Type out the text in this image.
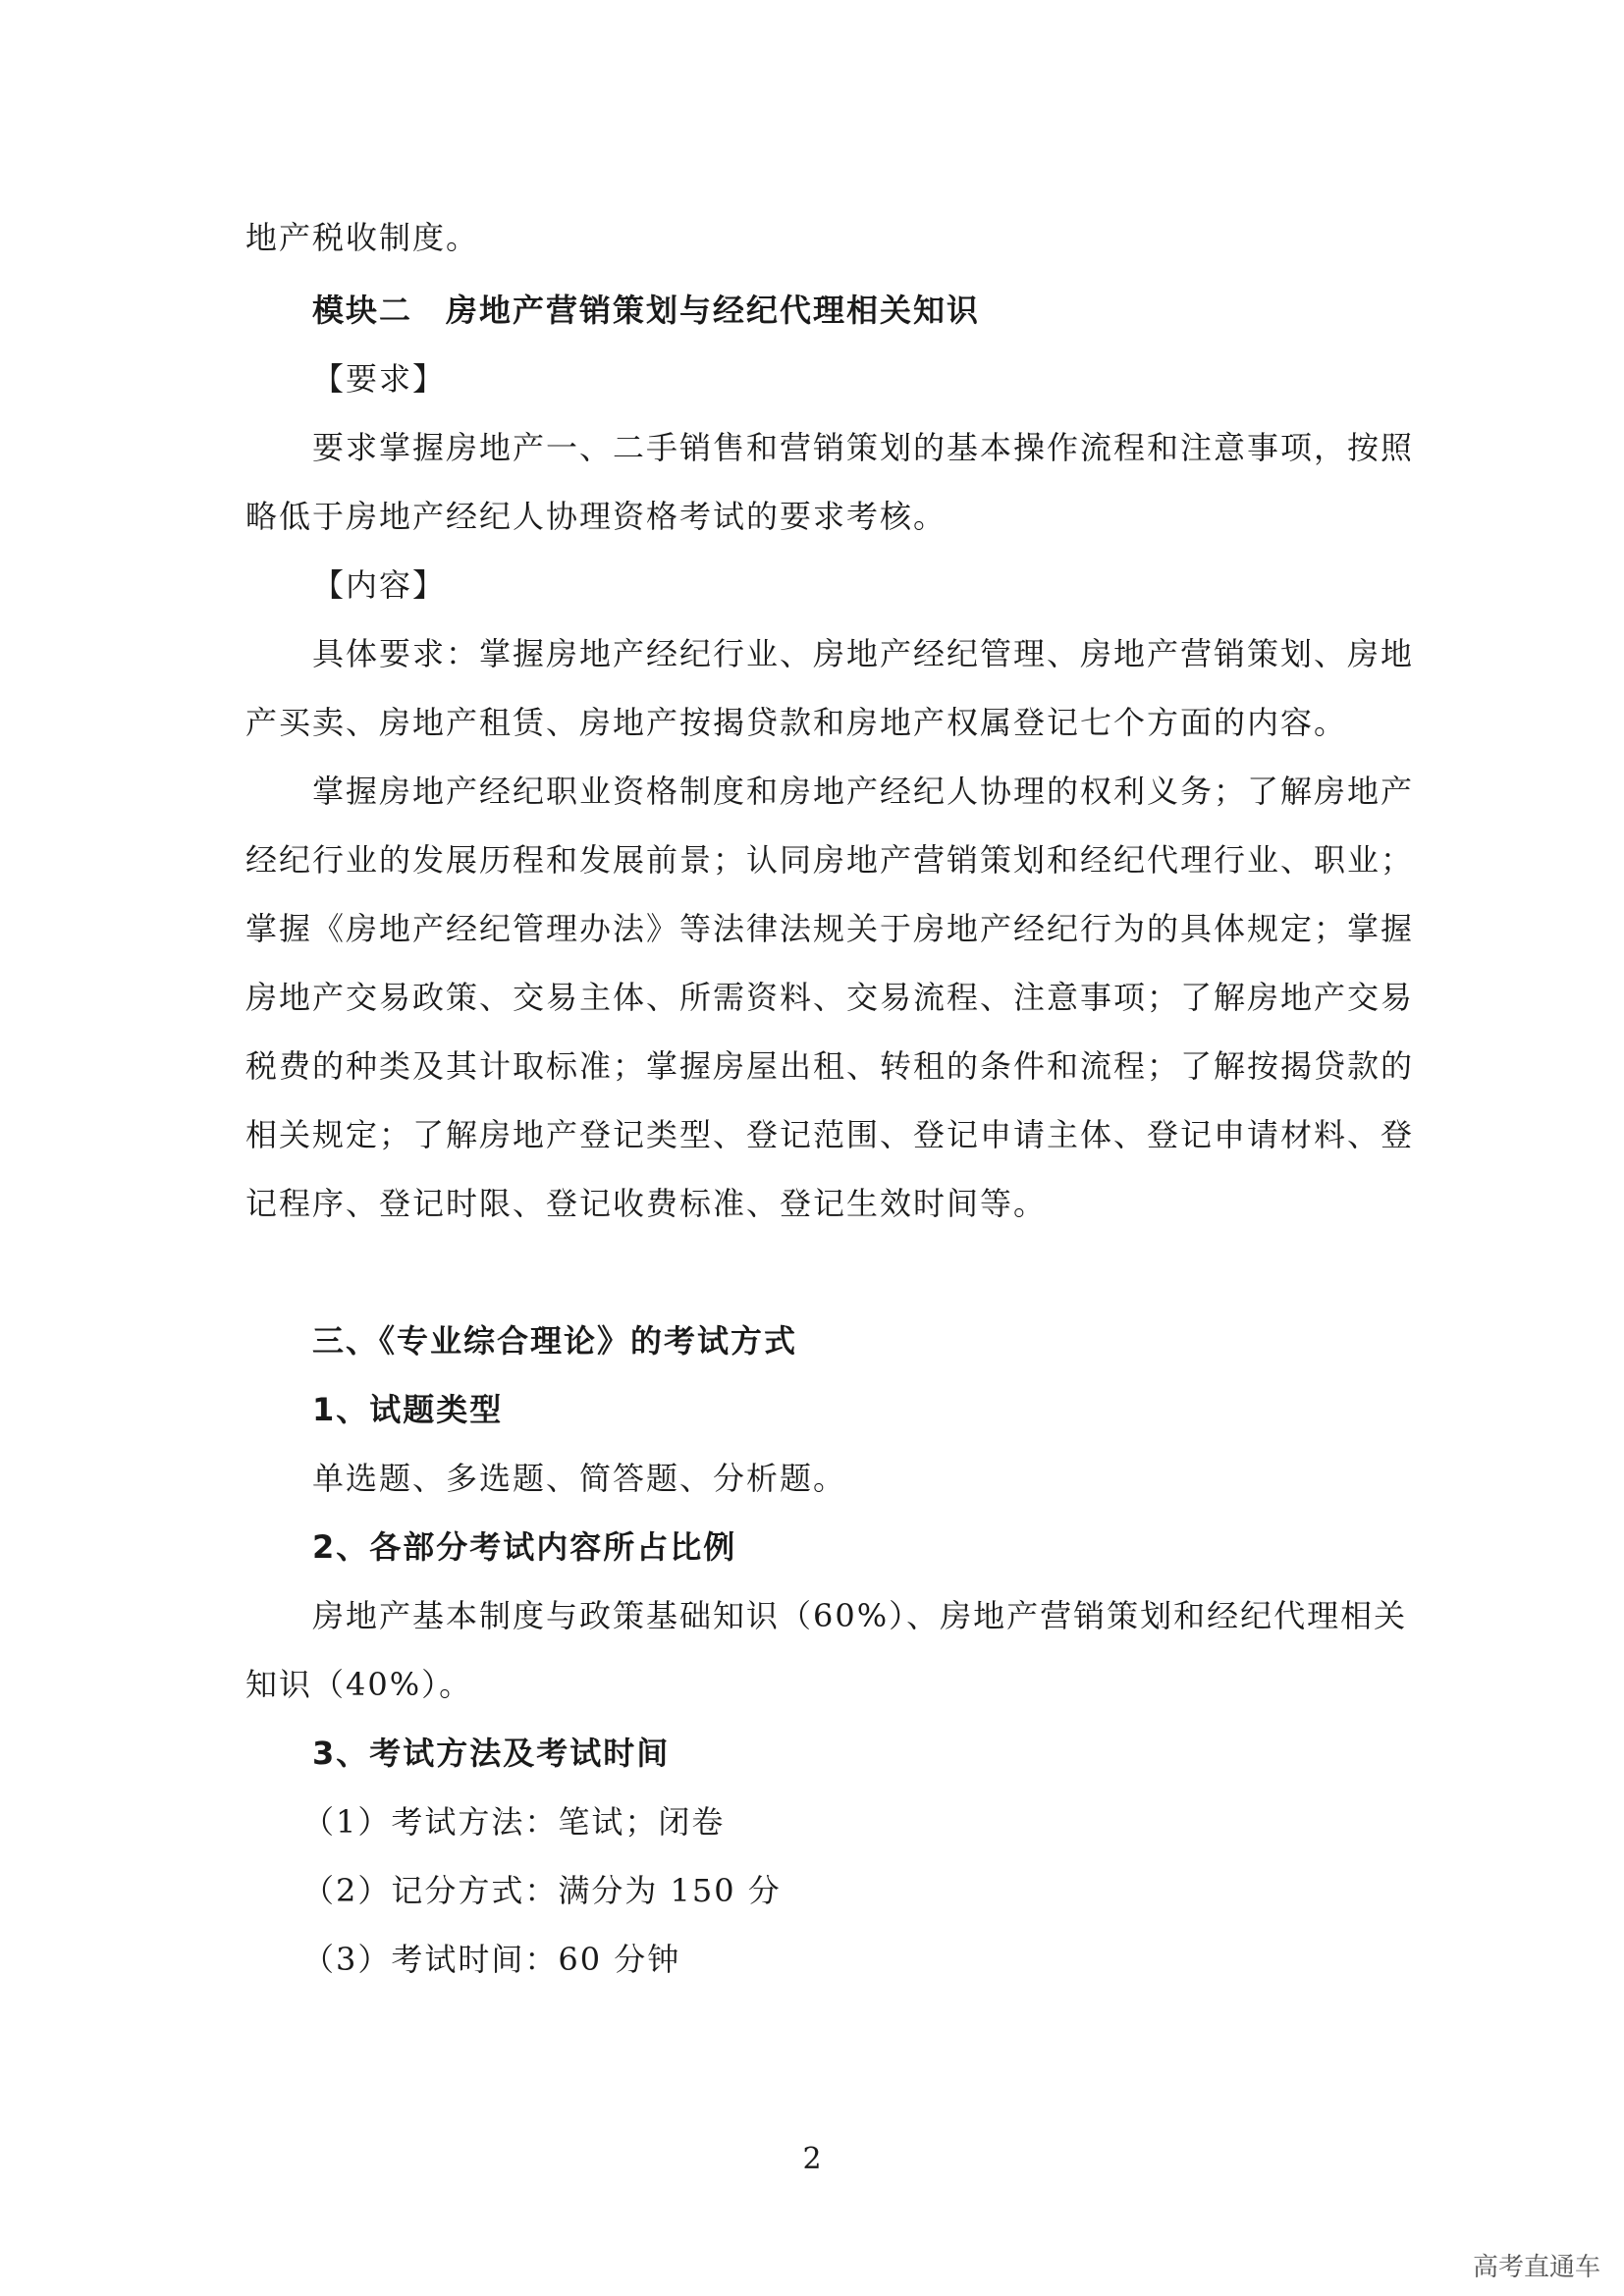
地产税收制度。
模块二　房地产营销策划与经纪代理相关知识
【要求】
要求掌握房地产一、二手销售和营销策划的基本操作流程和注意事项，按照
略低于房地产经纪人协理资格考试的要求考核。
【内容】
具体要求：掌握房地产经纪行业、房地产经纪管理、房地产营销策划、房地
产买卖、房地产租赁、房地产按揭贷款和房地产权属登记七个方面的内容。
掌握房地产经纪职业资格制度和房地产经纪人协理的权利义务；了解房地产
经纪行业的发展历程和发展前景；认同房地产营销策划和经纪代理行业、职业；
掌握《房地产经纪管理办法》等法律法规关于房地产经纪行为的具体规定；掌握
房地产交易政策、交易主体、所需资料、交易流程、注意事项；了解房地产交易
税费的种类及其计取标准；掌握房屋出租、转租的条件和流程；了解按揭贷款的
相关规定；了解房地产登记类型、登记范围、登记申请主体、登记申请材料、登
记程序、登记时限、登记收费标准、登记生效时间等。
三、《专业综合理论》的考试方式
1、试题类型
单选题、多选题、简答题、分析题。
2、各部分考试内容所占比例
房地产基本制度与政策基础知识（60%）、房地产营销策划和经纪代理相关
知识（40%）。
3、考试方法及考试时间
（1）考试方法：笔试；闭卷
（2）记分方式：满分为 150 分
（3）考试时间：60 分钟
2
高考直通车
